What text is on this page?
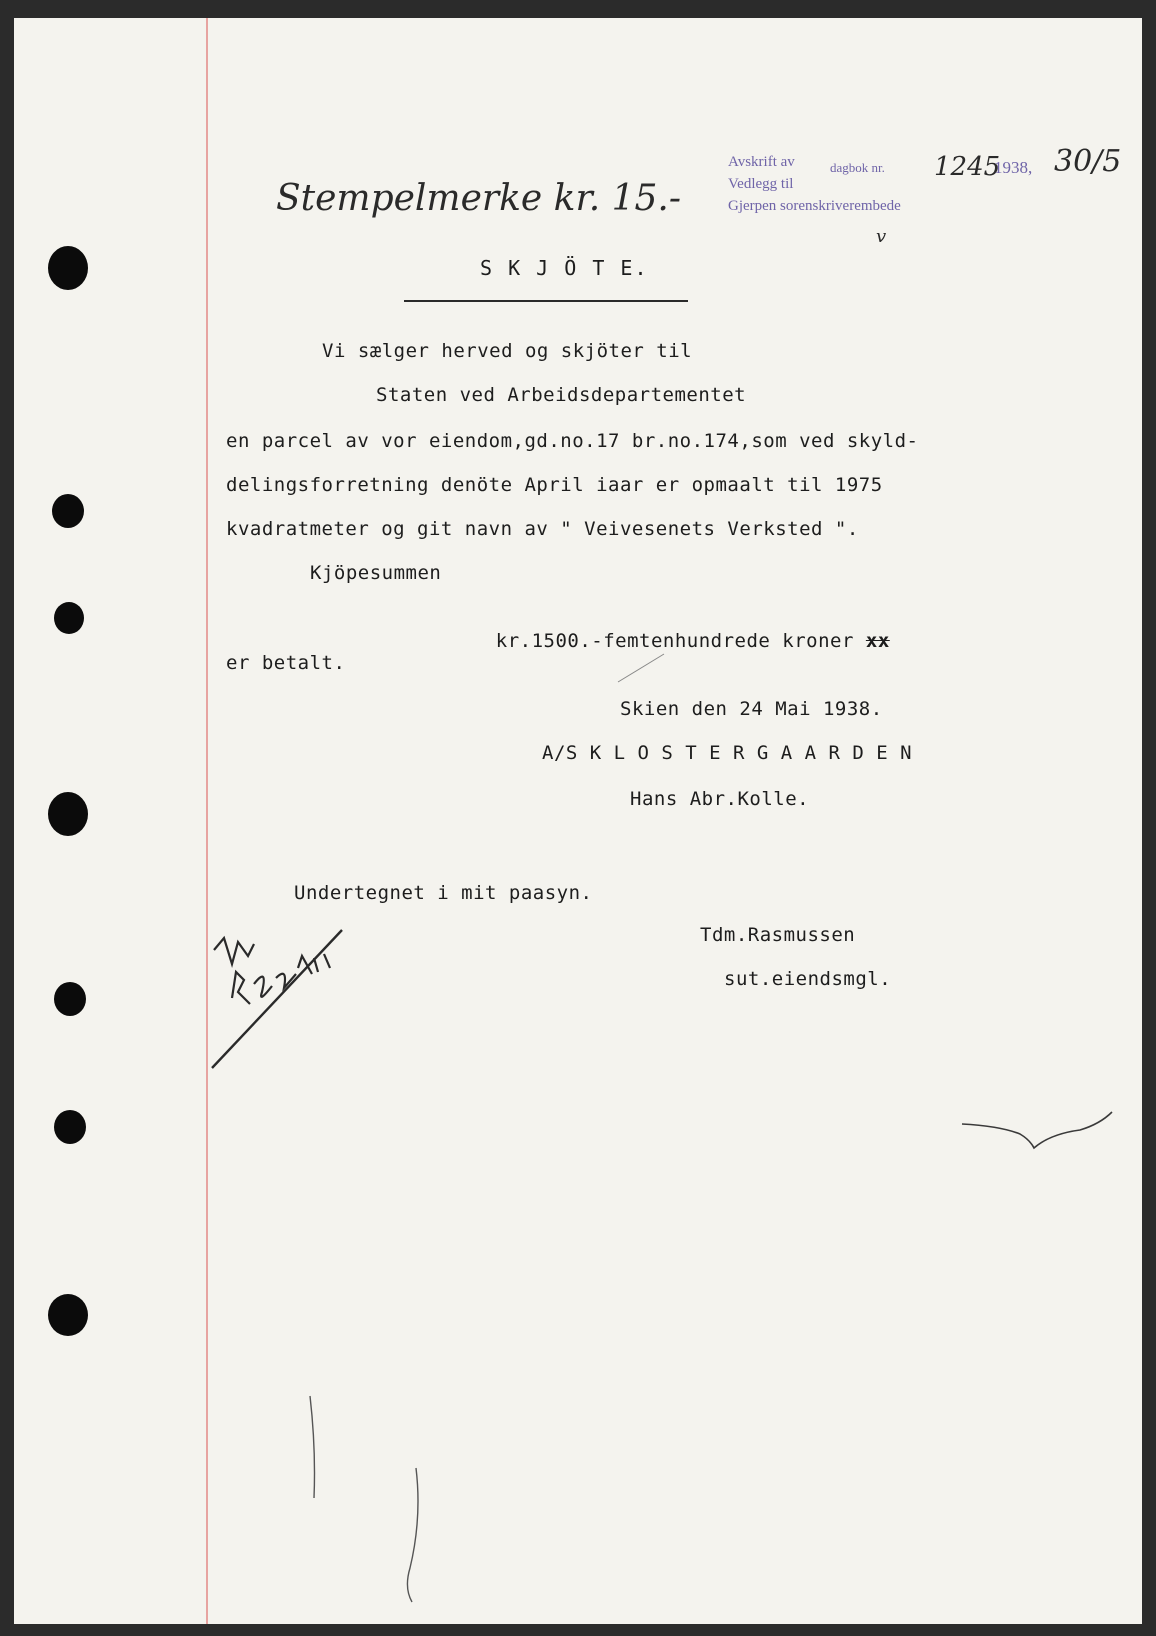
Stempelmerke kr. 15.-
Avskrift av	dagbok nr. 1245
1938, 30/5
Vedlegg til
Gjerpen sorenskriverembede
v
S K J Ö T E.
Vi sælger herved og skjöter til
Staten ved Arbeidsdepartementet
en parcel av vor eiendom,gd.no.17 br.no.174,som ved skyld-
delingsforretning denöte April iaar er opmaalt til 1975
kvadratmeter og git navn av " Veivesenets Verksted ".
Kjöpesummen

kr.1500.-femtenhundrede kroner xx

er betalt.
Skien den 24 Mai 1938.
A/S K L O S T E R G A A R D E N
Hans Abr.Kolle.
Undertegnet i mit paasyn.
Tdm.Rasmussen
sut.eiendsmgl.
